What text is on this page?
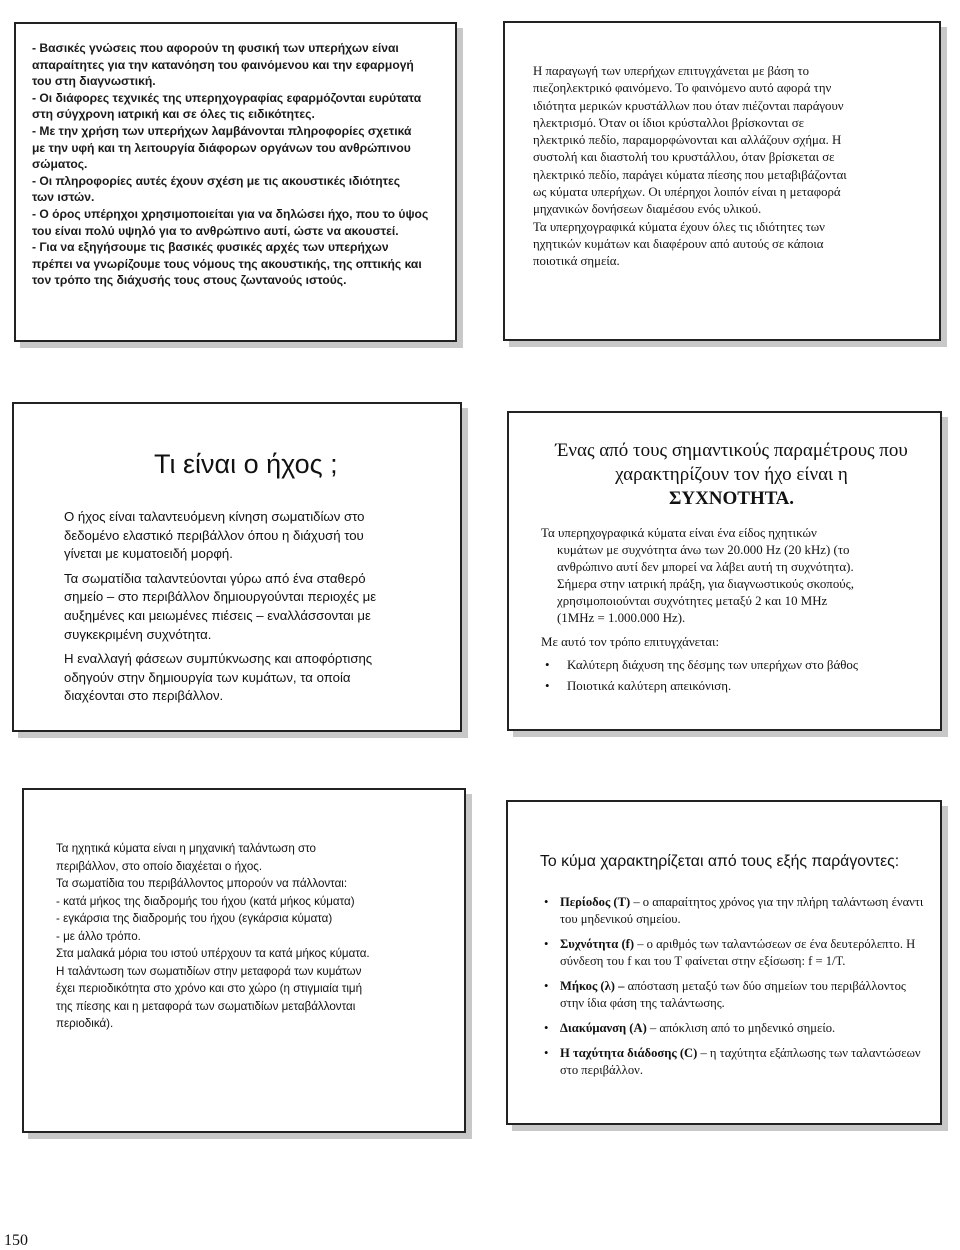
- Βασικές γνώσεις που αφορούν τη φυσική των υπερήχων είναι

απαραίτητες για την κατανόηση του φαινόμενου και την εφαρμογή

του στη διαγνωστική.

- Οι διάφορες τεχνικές της υπερηχογραφίας εφαρμόζονται ευρύτατα

στη σύγχρονη ιατρική και σε όλες τις ειδικότητες.

- Με την χρήση των υπερήχων λαμβάνονται πληροφορίες σχετικά

με την υφή και τη λειτουργία διάφορων οργάνων του ανθρώπινου

σώματος.

- Οι πληροφορίες αυτές έχουν σχέση με τις ακουστικές ιδιότητες

των ιστών.

- Ο όρος υπέρηχοι χρησιμοποιείται για να δηλώσει ήχο, που το ύψος

του είναι πολύ υψηλό για το ανθρώπινο αυτί, ώστε να ακουστεί.

- Για να εξηγήσουμε τις βασικές φυσικές αρχές των υπερήχων

πρέπει να γνωρίζουμε τους νόμους της ακουστικής, της οπτικής και

τον τρόπο της διάχυσής τους στους ζωντανούς ιστούς.

Η παραγωγή των υπερήχων επιτυγχάνεται με βάση το

πιεζοηλεκτρικό φαινόμενο. Το φαινόμενο αυτό αφορά την

ιδιότητα μερικών κρυστάλλων που όταν πιέζονται παράγουν

ηλεκτρισμό. Όταν οι ίδιοι κρύσταλλοι βρίσκονται σε

ηλεκτρικό πεδίο, παραμορφώνονται και αλλάζουν σχήμα. Η

συστολή και διαστολή του κρυστάλλου, όταν βρίσκεται σε

ηλεκτρικό πεδίο, παράγει κύματα πίεσης που μεταβιβάζονται

ως κύματα υπερήχων. Οι υπέρηχοι λοιπόν είναι η μεταφορά

μηχανικών δονήσεων διαμέσου ενός υλικού.

Τα υπερηχογραφικά κύματα έχουν όλες τις ιδιότητες των

ηχητικών κυμάτων και διαφέρουν από αυτούς σε κάποια

ποιοτικά σημεία.

Τι είναι ο ήχος ;

Ο ήχος είναι ταλαντευόμενη κίνηση σωματιδίων στο

δεδομένο ελαστικό περιβάλλον όπου η διάχυσή του

γίνεται με κυματοειδή μορφή.

Τα σωματίδια ταλαντεύονται γύρω από ένα σταθερό

σημείο – στο περιβάλλον δημιουργούνται περιοχές με

αυξημένες και μειωμένες πιέσεις – εναλλάσσονται με

συγκεκριμένη συχνότητα.

Η εναλλαγή φάσεων συμπύκνωσης και αποφόρτισης

οδηγούν στην δημιουργία των κυμάτων, τα οποία

διαχέονται στο περιβάλλον.

Ένας από τους σημαντικούς παραμέτρους που
χαρακτηρίζουν τον ήχο είναι η
ΣΥΧΝΟΤΗΤΑ.

Τα υπερηχογραφικά κύματα είναι ένα είδος ηχητικών

κυμάτων με συχνότητα άνω των 20.000 Hz (20 kHz) (το

ανθρώπινο αυτί δεν μπορεί να λάβει αυτή τη συχνότητα).

Σήμερα στην ιατρική πράξη, για διαγνωστικούς σκοπούς,

χρησιμοποιούνται συχνότητες μεταξύ 2 και 10 MHz

(1MHz = 1.000.000 Hz).

Με αυτό τον τρόπο επιτυγχάνεται:

• Καλύτερη διάχυση της δέσμης των υπερήχων στο βάθος
• Ποιοτικά καλύτερη απεικόνιση.

Τα ηχητικά κύματα είναι η μηχανική ταλάντωση στο

περιβάλλον, στο οποίο διαχέεται ο ήχος.

Τα σωματίδια του περιβάλλοντος μπορούν να πάλλονται:

- κατά μήκος της διαδρομής του ήχου (κατά μήκος κύματα)

- εγκάρσια της διαδρομής του ήχου (εγκάρσια κύματα)

- με άλλο τρόπο.

Στα μαλακά μόρια του ιστού υπέρχουν τα κατά μήκος κύματα.

Η ταλάντωση των σωματιδίων στην μεταφορά των κυμάτων

έχει περιοδικότητα στο χρόνο και στο χώρο (η στιγμιαία τιμή

της πίεσης και η μεταφορά των σωματιδίων μεταβάλλονται

περιοδικά).

Το κύμα χαρακτηρίζεται από τους εξής παράγοντες:
• Περίοδος (Τ) – ο απαραίτητος χρόνος για την πλήρη ταλάντωση έναντι του μηδενικού σημείου.
• Συχνότητα (f) – ο αριθμός των ταλαντώσεων σε ένα δευτερόλεπτο. Η σύνδεση του f και του Τ φαίνεται στην εξίσωση: f = 1/T.
• Μήκος (λ) – απόσταση μεταξύ των δύο σημείων του περιβάλλοντος στην ίδια φάση της ταλάντωσης.
• Διακύμανση (Α) – απόκλιση από το μηδενικό σημείο.
• Η ταχύτητα διάδοσης (C) – η ταχύτητα εξάπλωσης των ταλαντώσεων στο περιβάλλον.
150
